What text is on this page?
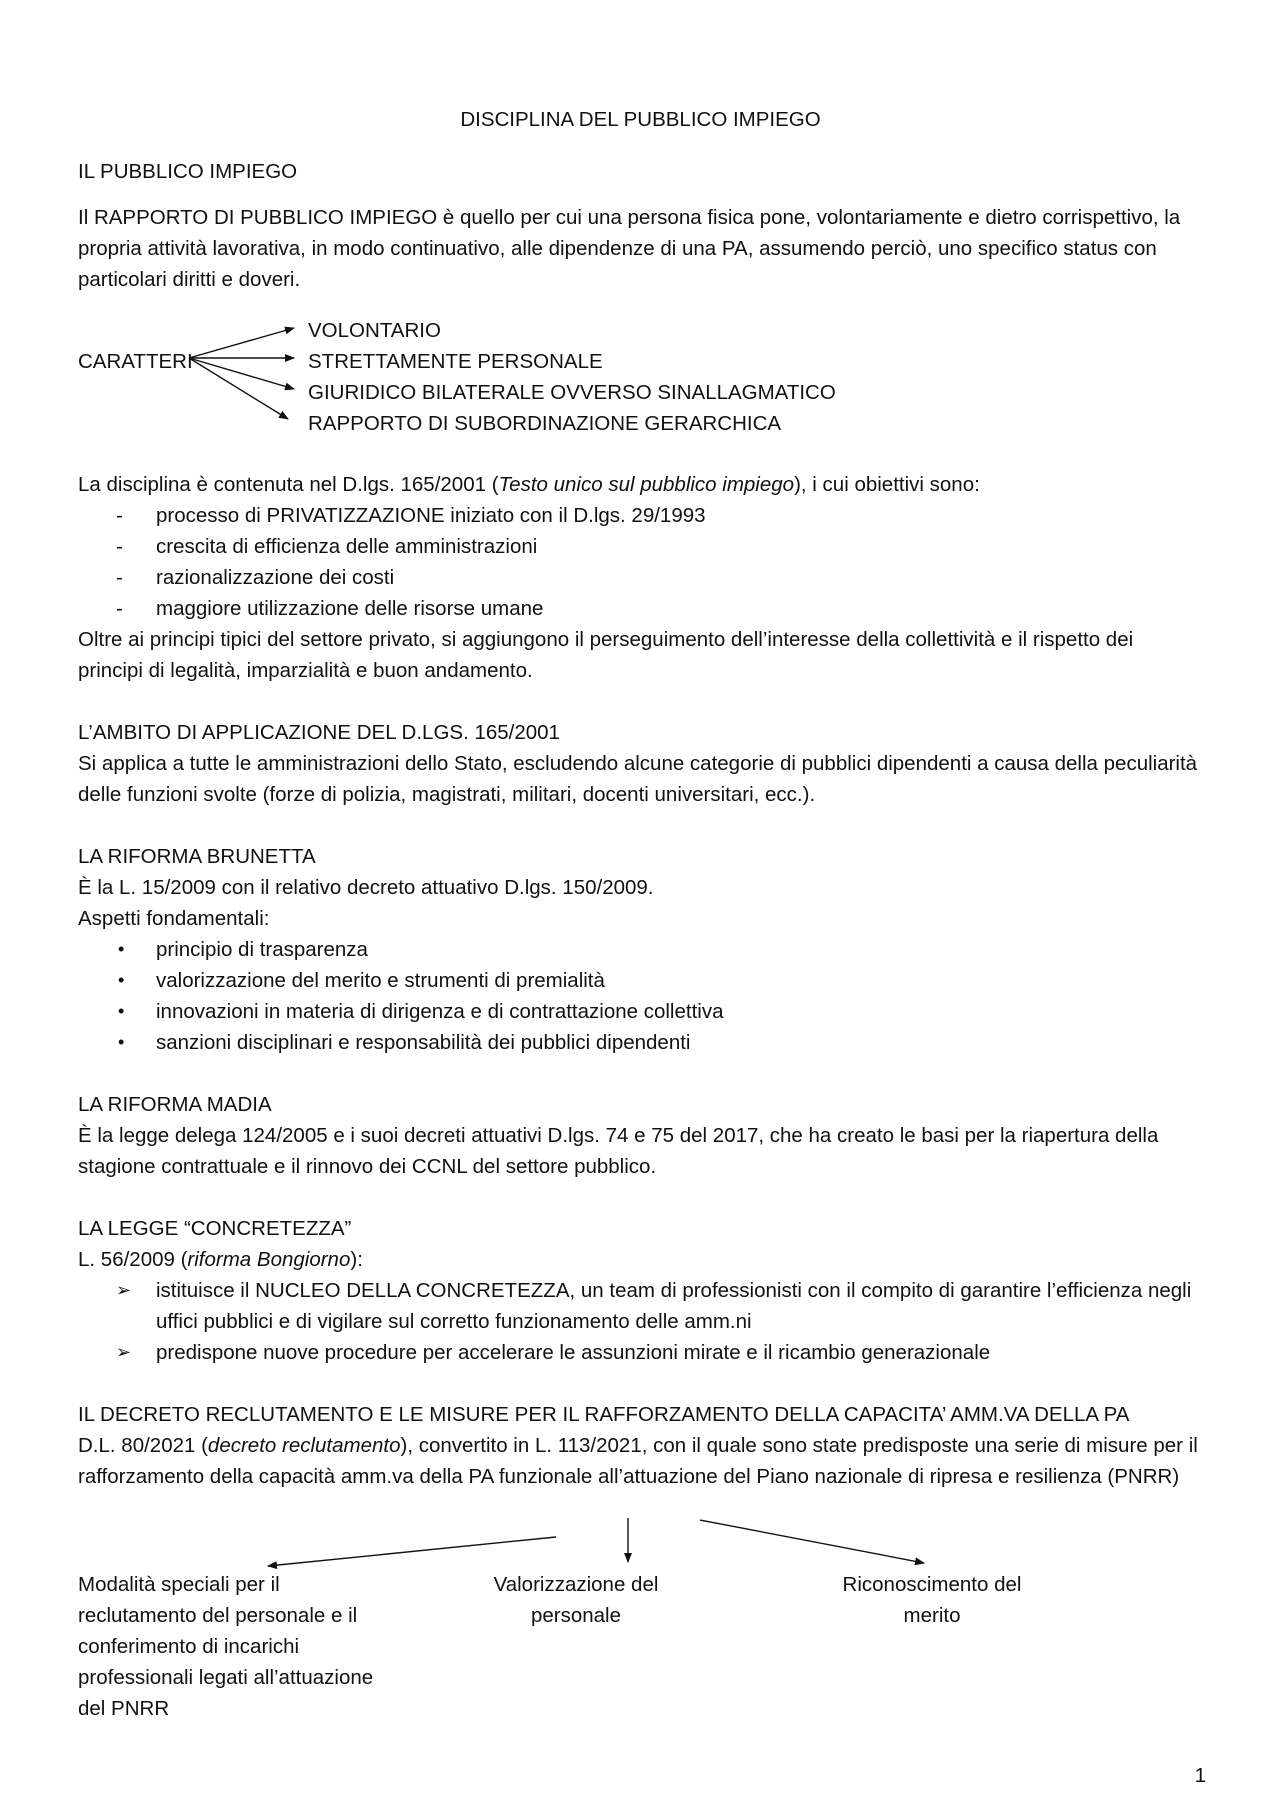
DISCIPLINA DEL PUBBLICO IMPIEGO
IL PUBBLICO IMPIEGO

Il RAPPORTO DI PUBBLICO IMPIEGO è quello per cui una persona fisica pone, volontariamente e dietro corrispettivo, la propria attività lavorativa, in modo continuativo, alle dipendenze di una PA, assumendo perciò, uno specifico status con particolari diritti e doveri.

CARATTERI
VOLONTARIO
STRETTAMENTE PERSONALE
GIURIDICO BILATERALE OVVERSO SINALLAGMATICO
RAPPORTO DI SUBORDINAZIONE GERARCHICA

La disciplina è contenuta nel D.lgs. 165/2001 (Testo unico sul pubblico impiego), i cui obiettivi sono:

- processo di PRIVATIZZAZIONE iniziato con il D.lgs. 29/1993
- crescita di efficienza delle amministrazioni
- razionalizzazione dei costi
- maggiore utilizzazione delle risorse umane

Oltre ai principi tipici del settore privato, si aggiungono il perseguimento dell’interesse della collettività e il rispetto dei principi di legalità, imparzialità e buon andamento.

L’AMBITO DI APPLICAZIONE DEL D.LGS. 165/2001

Si applica a tutte le amministrazioni dello Stato, escludendo alcune categorie di pubblici dipendenti a causa della peculiarità delle funzioni svolte (forze di polizia, magistrati, militari, docenti universitari, ecc.).

LA RIFORMA BRUNETTA
È la L. 15/2009 con il relativo decreto attuativo D.lgs. 150/2009.
Aspetti fondamentali:
• principio di trasparenza
• valorizzazione del merito e strumenti di premialità
• innovazioni in materia di dirigenza e di contrattazione collettiva
• sanzioni disciplinari e responsabilità dei pubblici dipendenti
LA RIFORMA MADIA

È la legge delega 124/2005 e i suoi decreti attuativi D.lgs. 74 e 75 del 2017, che ha creato le basi per la riapertura della stagione contrattuale e il rinnovo dei CCNL del settore pubblico.

LA LEGGE “CONCRETEZZA”

L. 56/2009 (riforma Bongiorno):

➢ istituisce il NUCLEO DELLA CONCRETEZZA, un team di professionisti con il compito di garantire l’efficienza negli uffici pubblici e di vigilare sul corretto funzionamento delle amm.ni
➢ predispone nuove procedure per accelerare le assunzioni mirate e il ricambio generazionale
IL DECRETO RECLUTAMENTO E LE MISURE PER IL RAFFORZAMENTO DELLA CAPACITA’ AMM.VA DELLA PA

D.L. 80/2021 (decreto reclutamento), convertito in L. 113/2021, con il quale sono state predisposte una serie di misure per il rafforzamento della capacità amm.va della PA funzionale all’attuazione del Piano nazionale di ripresa e resilienza (PNRR)

Modalità speciali per il reclutamento del personale e il conferimento di incarichi professionali legati all’attuazione del PNRR
Valorizzazione del personale
Riconoscimento del merito
1
